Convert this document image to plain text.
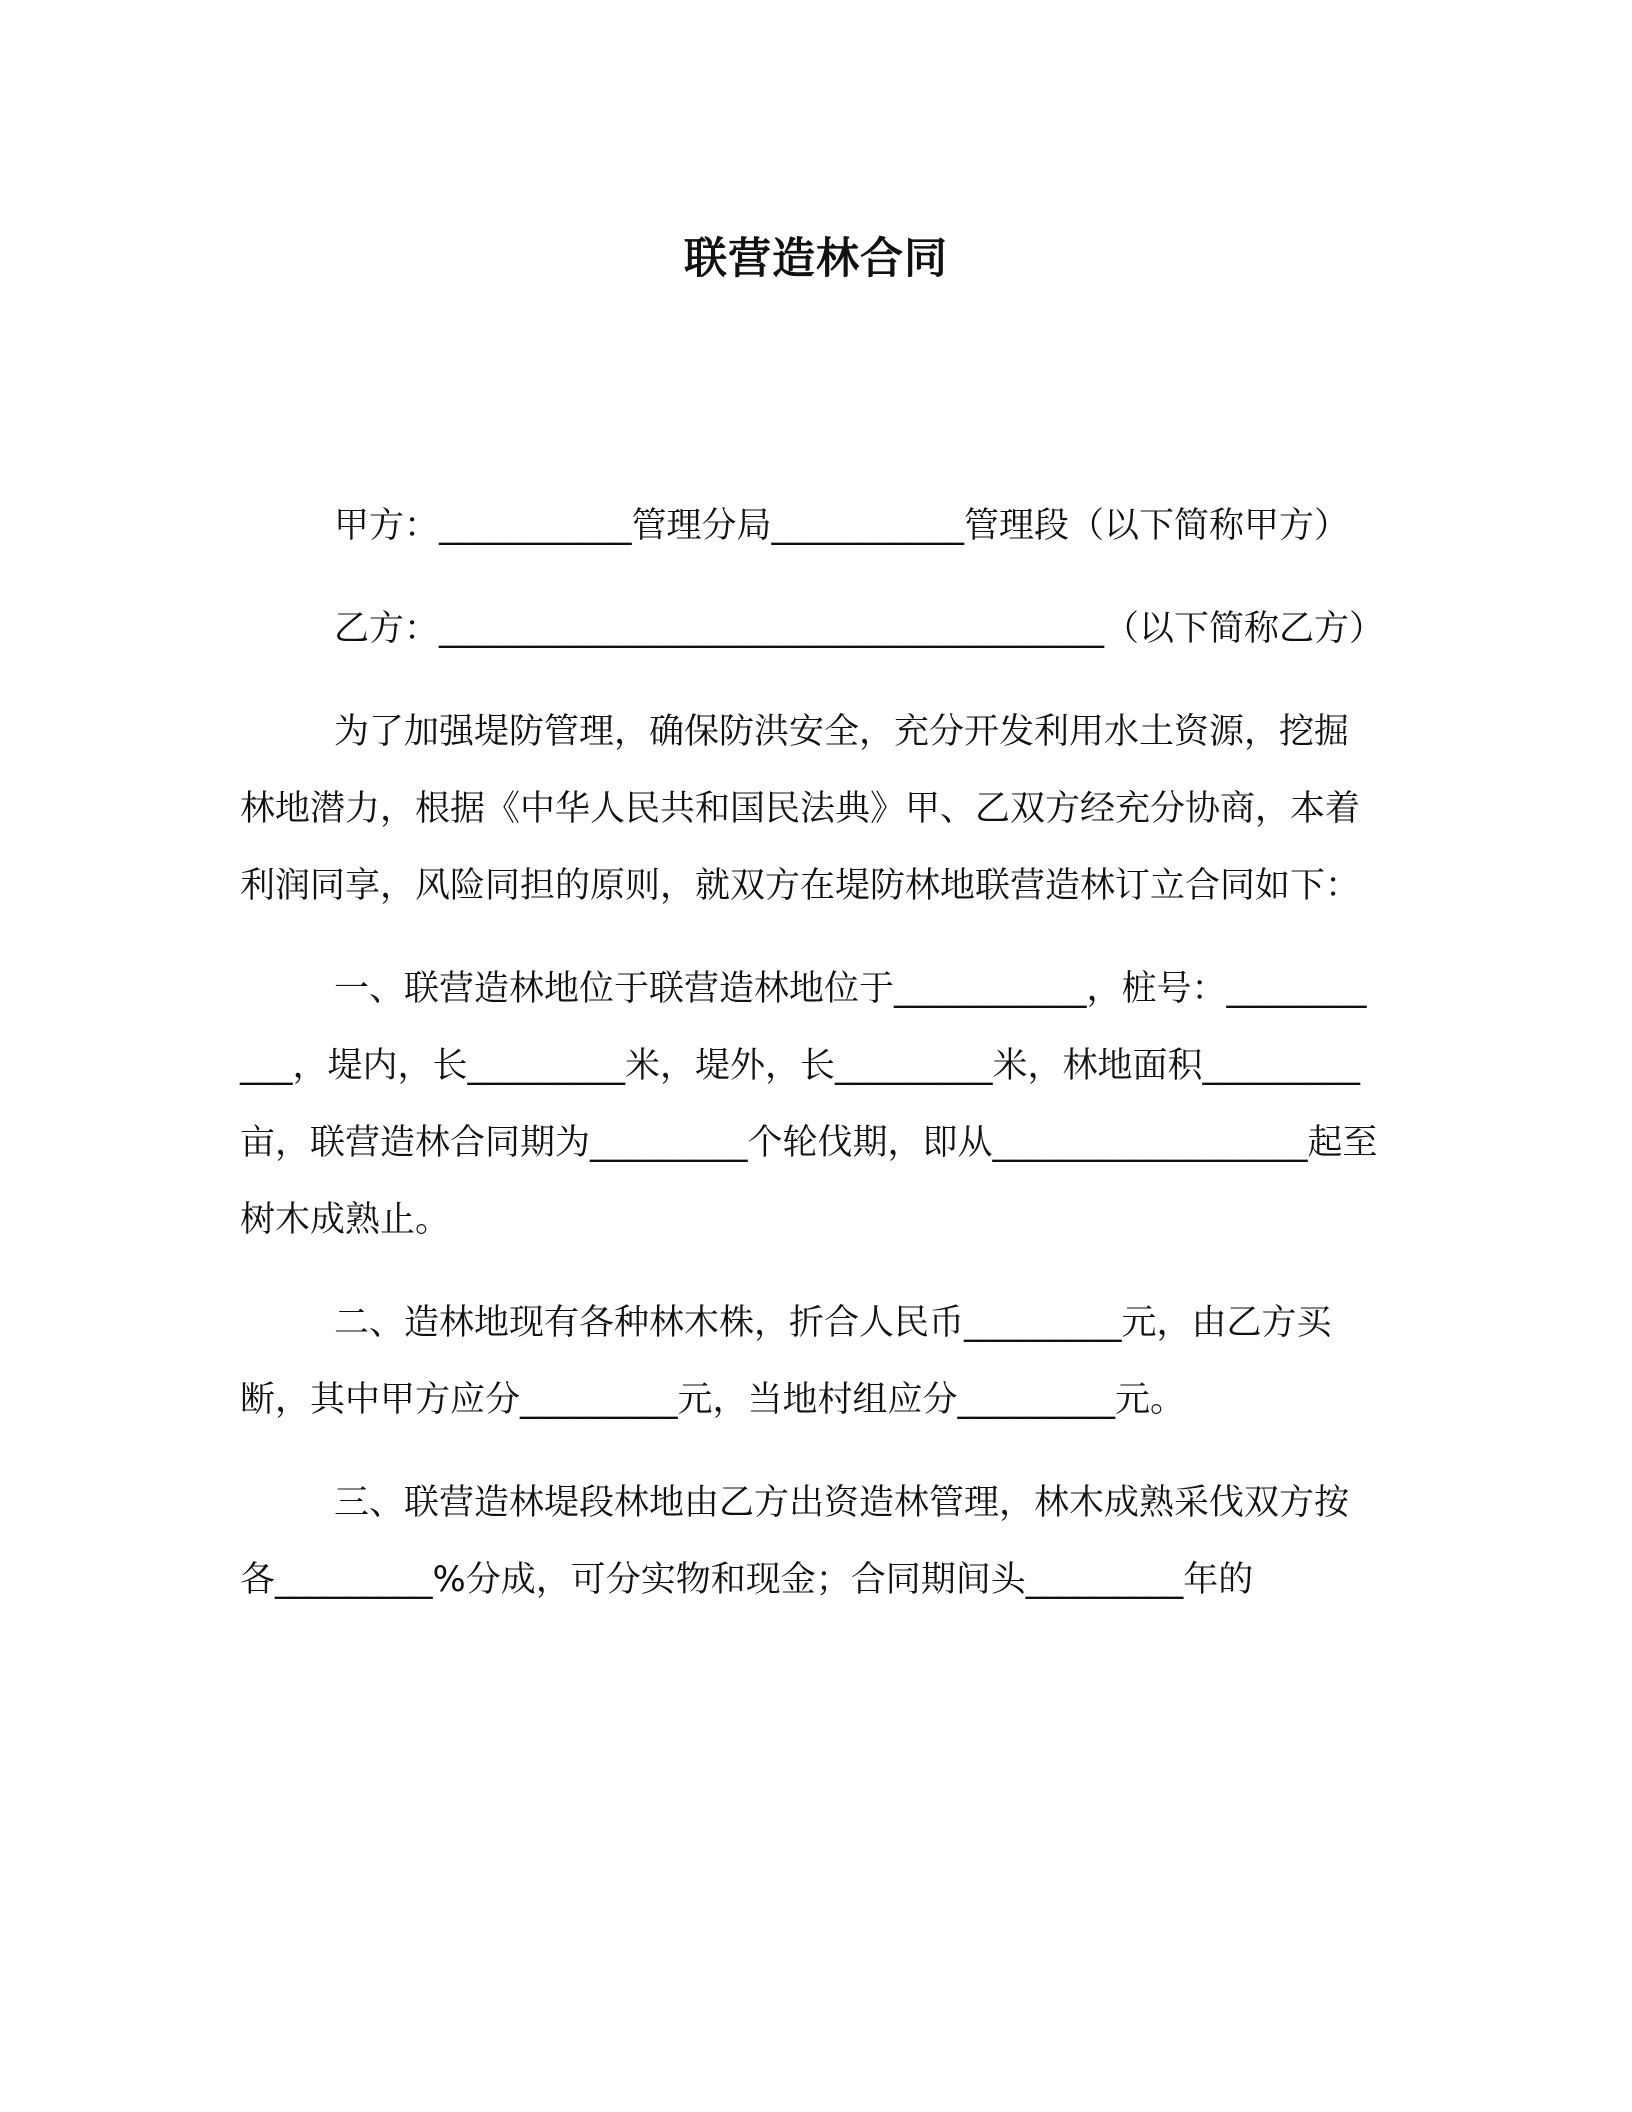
联营造林合同

甲方：___________管理分局___________管理段（以下简称甲方）

乙方：______________________________________（以下简称乙方）

为了加强堤防管理，确保防洪安全，充分开发利用水土资源，挖掘林地潜力，根据《中华人民共和国民法典》甲、乙双方经充分协商，本着利润同享，风险同担的原则，就双方在堤防林地联营造林订立合同如下：

一、联营造林地位于联营造林地位于___________，桩号：___________，堤内，长_________米，堤外，长_________米，林地面积_________亩，联营造林合同期为_________个轮伐期，即从__________________起至树木成熟止。

二、造林地现有各种林木株，折合人民币_________元，由乙方买断，其中甲方应分_________元，当地村组应分_________元。

三、联营造林堤段林地由乙方出资造林管理，林木成熟采伐双方按各_________%分成，可分实物和现金；合同期间头_________年的
